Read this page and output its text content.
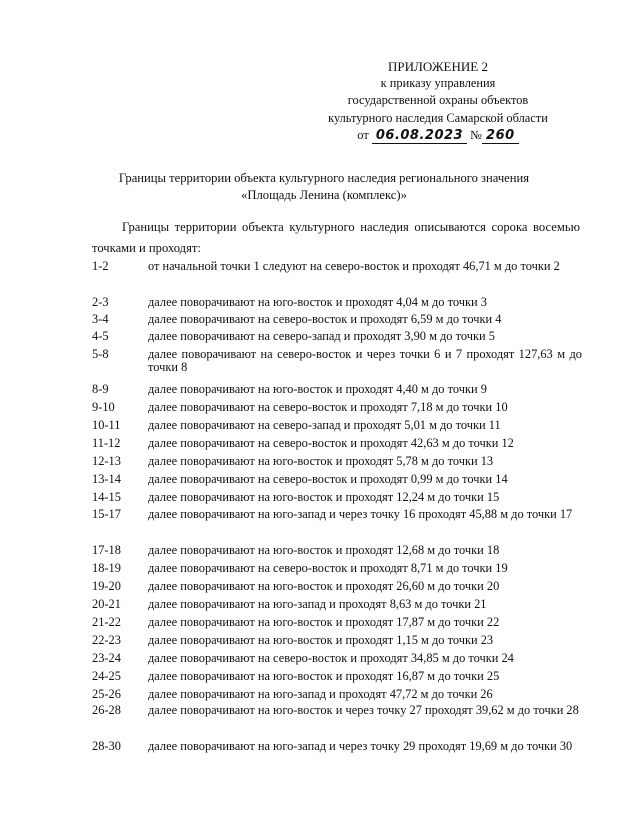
ПРИЛОЖЕНИЕ 2
к приказу управления
государственной охраны объектов
культурного наследия Самарской области
от 06.08.2023 № 260
Границы территории объекта культурного наследия регионального значения
«Площадь Ленина (комплекс)»
Границы территории объекта культурного наследия описываются сорока восемью точками и проходят:
1-2	от начальной точки 1 следуют на северо-восток и проходят 46,71 м до точки 2
2-3	далее поворачивают на юго-восток и проходят 4,04 м до точки 3
3-4	далее поворачивают на северо-восток и проходят 6,59 м до точки 4
4-5	далее поворачивают на северо-запад и проходят 3,90 м до точки 5
5-8	далее поворачивают на северо-восток и через точки 6 и 7 проходят 127,63 м до точки 8
8-9	далее поворачивают на юго-восток и проходят 4,40 м до точки 9
9-10	далее поворачивают на северо-восток и проходят 7,18 м до точки 10
10-11	далее поворачивают на северо-запад и проходят 5,01 м до точки 11
11-12	далее поворачивают на северо-восток и проходят 42,63 м до точки 12
12-13	далее поворачивают на юго-восток и проходят 5,78 м до точки 13
13-14	далее поворачивают на северо-восток и проходят 0,99 м до точки 14
14-15	далее поворачивают на юго-восток и проходят 12,24 м до точки 15
15-17	далее поворачивают на юго-запад и через точку 16 проходят 45,88 м до точки 17
17-18	далее поворачивают на юго-восток и проходят 12,68 м до точки 18
18-19	далее поворачивают на северо-восток и проходят 8,71 м до точки 19
19-20	далее поворачивают на юго-восток и проходят 26,60 м до точки 20
20-21	далее поворачивают на юго-запад и проходят 8,63 м до точки 21
21-22	далее поворачивают на юго-восток и проходят 17,87 м до точки 22
22-23	далее поворачивают на юго-восток и проходят 1,15 м до точки 23
23-24	далее поворачивают на северо-восток и проходят 34,85 м до точки 24
24-25	далее поворачивают на юго-восток и проходят 16,87 м до точки 25
25-26	далее поворачивают на юго-запад и проходят 47,72 м до точки 26
26-28	далее поворачивают на юго-восток и через точку 27 проходят 39,62 м до точки 28
28-30	далее поворачивают на юго-запад и через точку 29 проходят 19,69 м до точки 30
